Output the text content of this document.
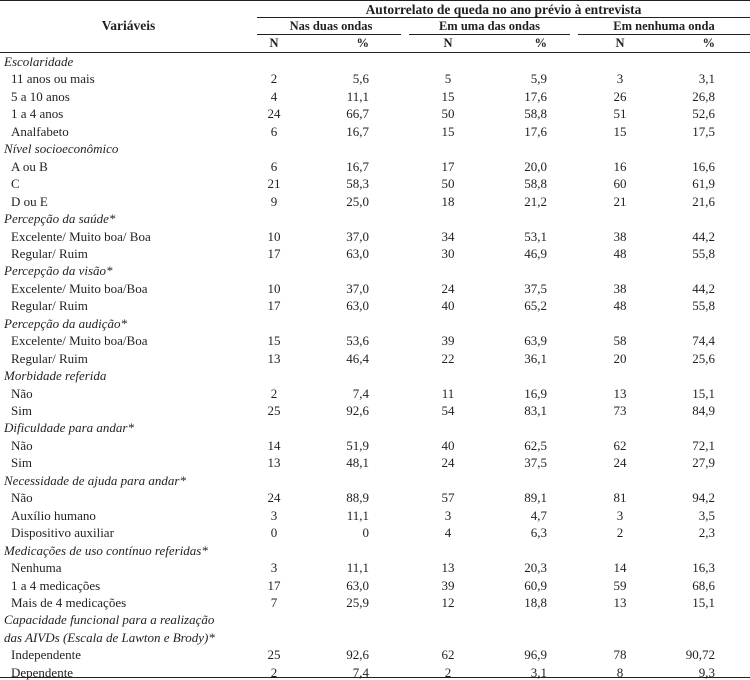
Autorrelato de queda no ano prévio à entrevista
Variáveis	Nas duas ondas	Em uma das ondas	Em nenhuma onda
N	%	N	%	N	%
Escolaridade
11 anos ou mais	2	5,6	5	5,9	3	3,1
5 a 10 anos	4	11,1	15	17,6	26	26,8
1 a 4 anos	24	66,7	50	58,8	51	52,6
Analfabeto	6	16,7	15	17,6	15	17,5
Nível socioeconômico
A ou B	6	16,7	17	20,0	16	16,6
C	21	58,3	50	58,8	60	61,9
D ou E	9	25,0	18	21,2	21	21,6
Percepção da saúde*
Excelente/ Muito boa/ Boa	10	37,0	34	53,1	38	44,2
Regular/ Ruim	17	63,0	30	46,9	48	55,8
Percepção da visão*
Excelente/ Muito boa/Boa	10	37,0	24	37,5	38	44,2
Regular/ Ruim	17	63,0	40	65,2	48	55,8
Percepção da audição*
Excelente/ Muito boa/Boa	15	53,6	39	63,9	58	74,4
Regular/ Ruim	13	46,4	22	36,1	20	25,6
Morbidade referida
Não	2	7,4	11	16,9	13	15,1
Sim	25	92,6	54	83,1	73	84,9
Dificuldade para andar*
Não	14	51,9	40	62,5	62	72,1
Sim	13	48,1	24	37,5	24	27,9
Necessidade de ajuda para andar*
Não	24	88,9	57	89,1	81	94,2
Auxílio humano	3	11,1	3	4,7	3	3,5
Dispositivo auxiliar	0	0	4	6,3	2	2,3
Medicações de uso contínuo referidas*
Nenhuma	3	11,1	13	20,3	14	16,3
1 a 4 medicações	17	63,0	39	60,9	59	68,6
Mais de 4 medicações	7	25,9	12	18,8	13	15,1
Capacidade funcional para a realização
das AIVDs (Escala de Lawton e Brody)*
Independente	25	92,6	62	96,9	78	90,72
Dependente	2	7,4	2	3,1	8	9,3
